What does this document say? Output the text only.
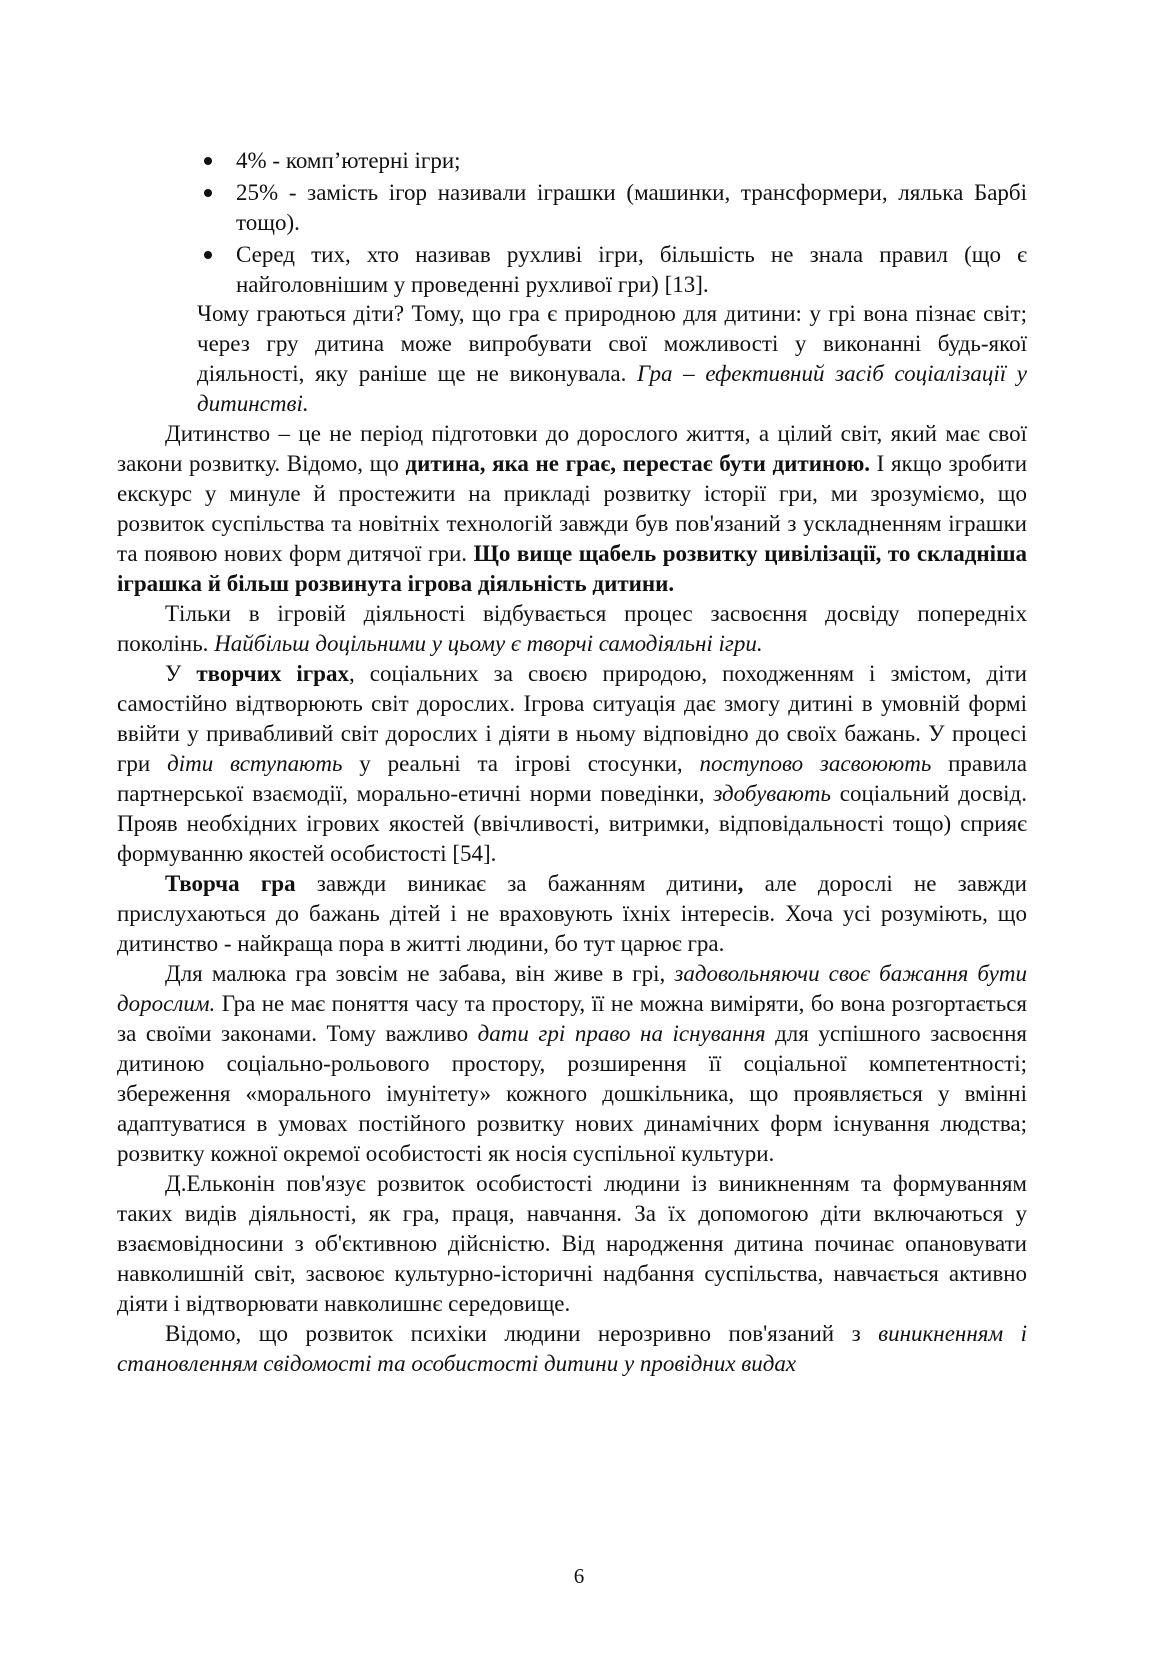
4% - комп’ютерні ігри;
25% - замість ігор називали іграшки (машинки, трансформери, лялька Барбі тощо).
Серед тих, хто називав рухливі ігри, більшість не знала правил (що є найголовнішим у проведенні рухливої гри) [13].

Чому граються діти? Тому, що гра є природною для дитини: у грі вона пізнає світ; через гру дитина може випробувати свої можливості у виконанні будь-якої діяльності, яку раніше ще не виконувала. Гра – ефективний засіб соціалізації у дитинстві.

Дитинство – це не період підготовки до дорослого життя, а цілий світ, який має свої закони розвитку. Відомо, що дитина, яка не грає, перестає бути дитиною. І якщо зробити екскурс у минуле й простежити на прикладі розвитку історії гри, ми зрозуміємо, що розвиток суспільства та новітніх технологій завжди був пов'язаний з ускладненням іграшки та появою нових форм дитячої гри. Що вище щабель розвитку цивілізації, то складніша іграшка й більш розвинута ігрова діяльність дитини.

Тільки в ігровій діяльності відбувається процес засвоєння досвіду попередніх поколінь. Найбільш доцільними у цьому є творчі самодіяльні ігри.

У творчих іграх, соціальних за своєю природою, походженням і змістом, діти самостійно відтворюють світ дорослих. Ігрова ситуація дає змогу дитині в умовній формі ввійти у привабливий світ дорослих і діяти в ньому відповідно до своїх бажань. У процесі гри діти вступають у реальні та ігрові стосунки, поступово засвоюють правила партнерської взаємодії, морально-етичні норми поведінки, здобувають соціальний досвід. Прояв необхідних ігрових якостей (ввічливості, витримки, відповідальності тощо) сприяє формуванню якостей особистості [54].

Творча гра завжди виникає за бажанням дитини, але дорослі не завжди прислухаються до бажань дітей і не враховують їхніх інтересів. Хоча усі розуміють, що дитинство - найкраща пора в житті людини, бо тут царює гра.

Для малюка гра зовсім не забава, він живе в грі, задовольняючи своє бажання бути дорослим. Гра не має поняття часу та простору, її не можна виміряти, бо вона розгортається за своїми законами. Тому важливо дати грі право на існування для успішного засвоєння дитиною соціально-рольового простору, розширення її соціальної компетентності; збереження «морального імунітету» кожного дошкільника, що проявляється у вмінні адаптуватися в умовах постійного розвитку нових динамічних форм існування людства; розвитку кожної окремої особистості як носія суспільної культури.

Д.Ельконін пов'язує розвиток особистості людини із виникненням та формуванням таких видів діяльності, як гра, праця, навчання. За їх допомогою діти включаються у взаємовідносини з об'єктивною дійсністю. Від народження дитина починає опановувати навколишній світ, засвоює культурно-історичні надбання суспільства, навчається активно діяти і відтворювати навколишнє середовище.

Відомо, що розвиток психіки людини нерозривно пов'язаний з виникненням і становленням свідомості та особистості дитини у провідних видах

6
